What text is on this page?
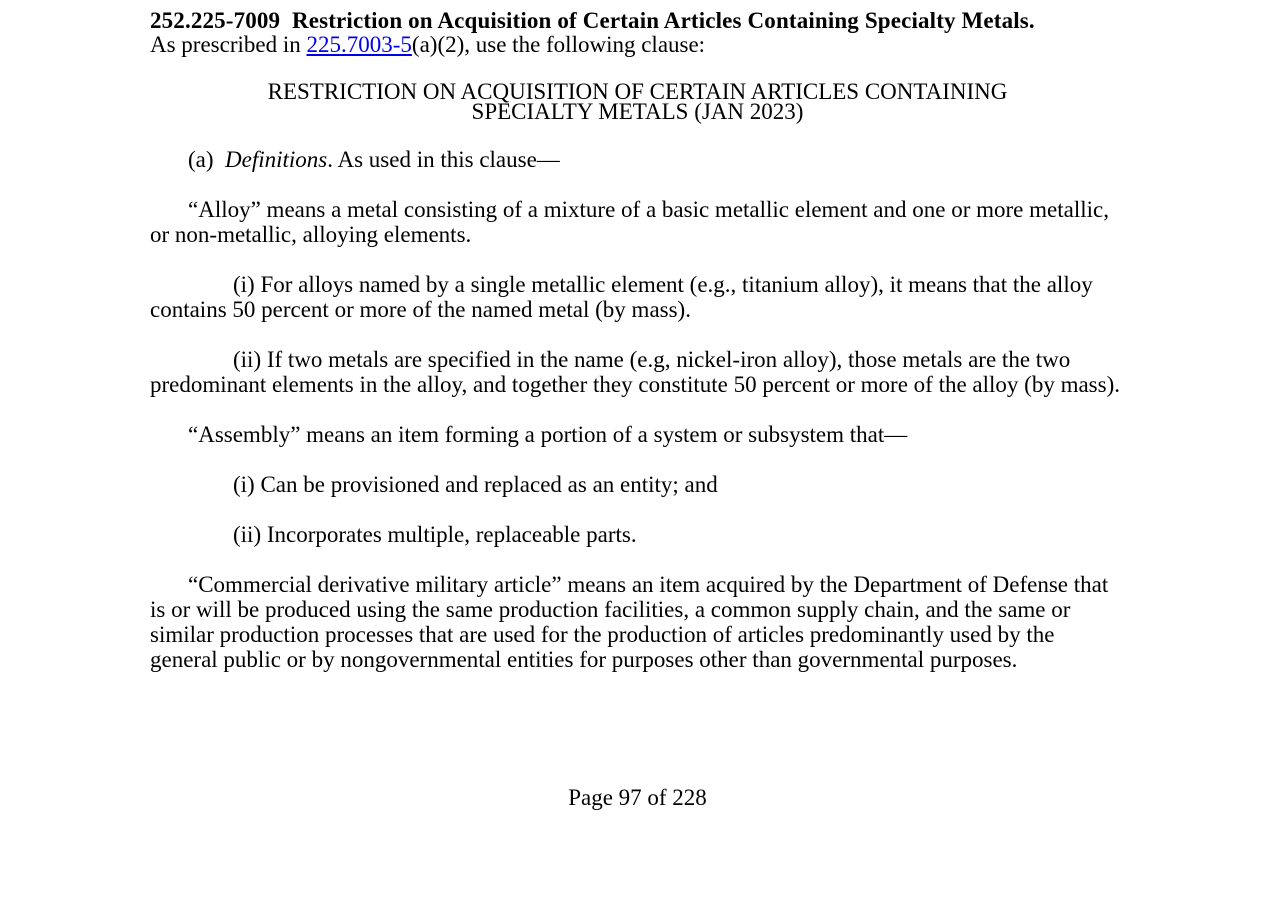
252.225-7009 Restriction on Acquisition of Certain Articles Containing Specialty Metals.

As prescribed in 225.7003-5(a)(2), use the following clause:

RESTRICTION ON ACQUISITION OF CERTAIN ARTICLES CONTAINING
SPECIALTY METALS (JAN 2023)

(a) Definitions. As used in this clause—

“Alloy” means a metal consisting of a mixture of a basic metallic element and one or more metallic, or non-metallic, alloying elements.

(i) For alloys named by a single metallic element (e.g., titanium alloy), it means that the alloy contains 50 percent or more of the named metal (by mass).

(ii) If two metals are specified in the name (e.g, nickel-iron alloy), those metals are the two predominant elements in the alloy, and together they constitute 50 percent or more of the alloy (by mass).

“Assembly” means an item forming a portion of a system or subsystem that—

(i) Can be provisioned and replaced as an entity; and

(ii) Incorporates multiple, replaceable parts.

“Commercial derivative military article” means an item acquired by the Department of Defense that is or will be produced using the same production facilities, a common supply chain, and the same or similar production processes that are used for the production of articles predominantly used by the general public or by nongovernmental entities for purposes other than governmental purposes.

Page 97 of 228
